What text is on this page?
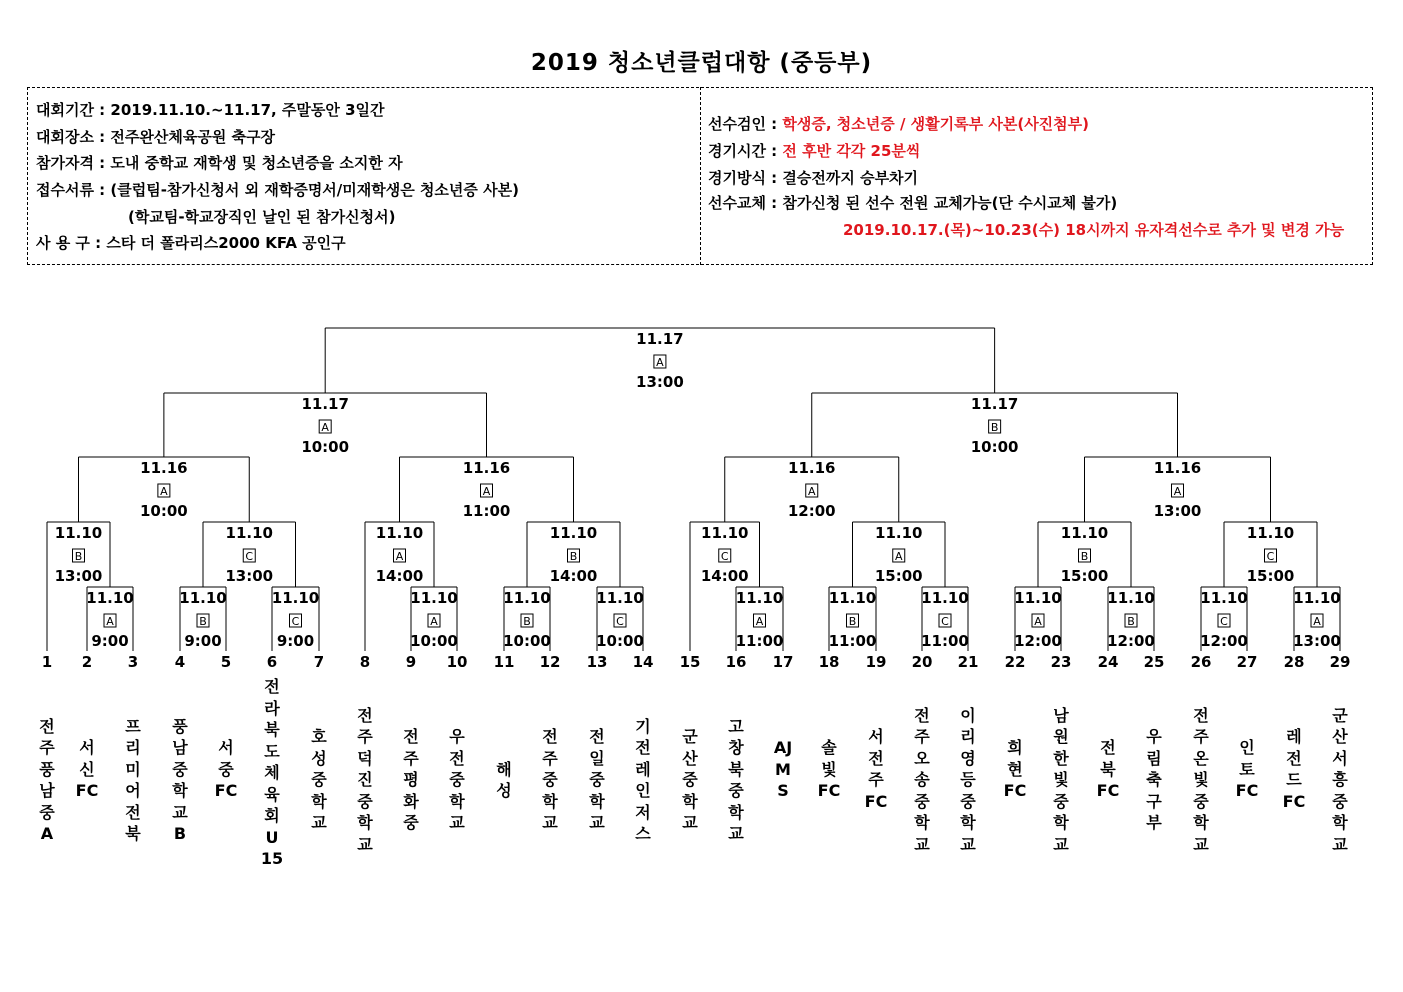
2019 청소년클럽대항 (중등부)
대회기간 : 2019.11.10.~11.17, 주말동안 3일간
대회장소 : 전주완산체육공원 축구장
참가자격 : 도내 중학교 재학생 및 청소년증을 소지한 자
접수서류 : (클럽팀-참가신청서 외 재학증명서/미재학생은 청소년증 사본)
(학교팀-학교장직인 날인 된 참가신청서)
사 용 구 : 스타 더 폴라리스2000 KFA 공인구
선수검인 : 학생증, 청소년증 / 생활기록부 사본(사진첨부)
경기시간 : 전 후반 각각 25분씩
경기방식 : 결승전까지 승부차기
선수교체 : 참가신청 된 선수 전원 교체가능(단 수시교체 불가)
2019.10.17.(목)~10.23(수) 18시까지 유자격선수로 추가 및 변경 가능
11.10
B
13:00
11.10
A
9:00
11.10
C
13:00
11.10
B
9:00
11.10
C
9:00
11.10
A
14:00
11.10
A
10:00
11.10
B
14:00
11.10
B
10:00
11.10
C
10:00
11.10
C
14:00
11.10
A
11:00
11.10
A
15:00
11.10
B
11:00
11.10
C
11:00
11.10
B
15:00
11.10
A
12:00
11.10
B
12:00
11.10
C
15:00
11.10
C
12:00
11.10
A
13:00
11.16
A
10:00
11.16
A
11:00
11.16
A
12:00
11.16
A
13:00
11.17
A
10:00
11.17
B
10:00
11.17
A
13:00
1 2 3 4 5 6 7 8 9 10 11 12 13 14 15 16 17 18 19 20 21 22 23 24 25 26 27 28 29
전주풍남중A
서신FC
프리미어전북
풍남중학교B
서중FC
전라북도체육회U15
호성중학교
전주덕진중학교
전주평화중
우전중학교
해성
전주중학교
전일중학교
기전레인저스
군산중학교
고창북중학교
AJMS
솔빛FC
서전주FC
전주오송중학교
이리영등중학교
희현FC
남원한빛중학교
전북FC
우림축구부
전주온빛중학교
인토FC
레전드FC
군산서흥중학교
